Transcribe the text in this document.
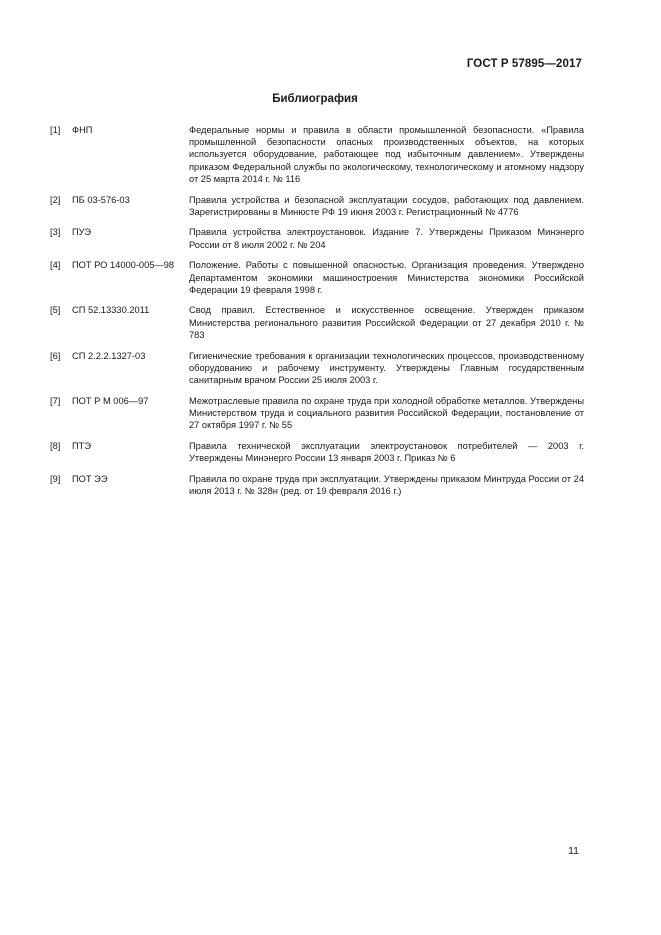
ГОСТ Р 57895—2017
Библиография
[1]	ФНП	Федеральные нормы и правила в области промышленной безопасности. «Правила промышленной безопасности опасных производственных объектов, на которых используется оборудование, работающее под избыточным давлением». Утверждены приказом Федеральной службы по экологическому, технологическому и атомному надзору от 25 марта 2014 г. № 116
[2]	ПБ 03-576-03	Правила устройства и безопасной эксплуатации сосудов, работающих под давлением. Зарегистрированы в Минюсте РФ 19 июня 2003 г. Регистрационный № 4776
[3]	ПУЭ	Правила устройства электроустановок. Издание 7. Утверждены Приказом Минэнерго России от 8 июля 2002 г. № 204
[4]	ПОТ РО 14000-005—98	Положение. Работы с повышенной опасностью. Организация проведения. Утверждено Департаментом экономики машиностроения Министерства экономики Российской Федерации 19 февраля 1998 г.
[5]	СП 52.13330.2011	Свод правил. Естественное и искусственное освещение. Утвержден приказом Министерства регионального развития Российской Федерации от 27 декабря 2010 г. № 783
[6]	СП 2.2.2.1327-03	Гигиенические требования к организации технологических процессов, производственному оборудованию и рабочему инструменту. Утверждены Главным государственным санитарным врачом России 25 июля 2003 г.
[7]	ПОТ Р М 006—97	Межотраслевые правила по охране труда при холодной обработке металлов. Утверждены Министерством труда и социального развития Российской Федерации, постановление от 27 октября 1997 г. № 55
[8]	ПТЭ	Правила технической эксплуатации электроустановок потребителей — 2003 г. Утверждены Минэнерго России 13 января 2003 г. Приказ № 6
[9]	ПОТ ЭЭ	Правила по охране труда при эксплуатации. Утверждены приказом Минтруда России от 24 июля 2013 г. № 328н (ред. от 19 февраля 2016 г.)
11
